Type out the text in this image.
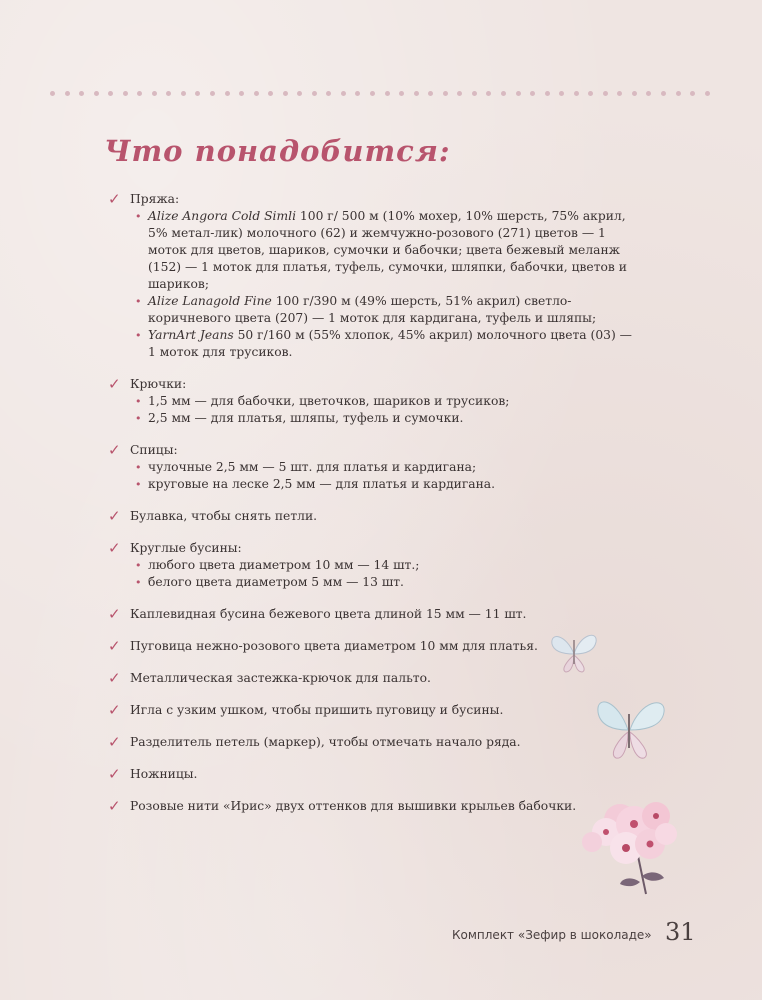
Что понадобится:
✓ Пряжа:

• Alize Angora Cold Simli 100 г/ 500 м (10% мохер, 10% шерсть, 75% акрил, 5% метал-лик) молочного (62) и жемчужно-розового (271) цветов — 1 моток для цветов, шариков, сумочки и бабочки; цвета бежевый меланж (152) — 1 моток для платья, туфель, сумочки, шляпки, бабочки, цветов и шариков;
• Alize Lanagold Fine 100 г/390 м (49% шерсть, 51% акрил) светло-коричневого цвета (207) — 1 моток для кардигана, туфель и шляпы;
• YarnArt Jeans 50 г/160 м (55% хлопок, 45% акрил) молочного цвета (03) — 1 моток для трусиков.
✓ Крючки:

• 1,5 мм — для бабочки, цветочков, шариков и трусиков;
• 2,5 мм — для платья, шляпы, туфель и сумочки.
✓ Спицы:

• чулочные 2,5 мм — 5 шт. для платья и кардигана;
• круговые на леске 2,5 мм — для платья и кардигана.
✓ Булавка, чтобы снять петли.

✓ Круглые бусины:

• любого цвета диаметром 10 мм — 14 шт.;
• белого цвета диаметром 5 мм — 13 шт.
✓ Каплевидная бусина бежевого цвета длиной 15 мм — 11 шт.

✓ Пуговица нежно-розового цвета диаметром 10 мм для платья.

✓ Металлическая застежка-крючок для пальто.

✓ Игла с узким ушком, чтобы пришить пуговицу и бусины.

✓ Разделитель петель (маркер), чтобы отмечать начало ряда.

✓ Ножницы.

✓ Розовые нити «Ирис» двух оттенков для вышивки крыльев бабочки.

Комплект «Зефир в шоколаде» 31
